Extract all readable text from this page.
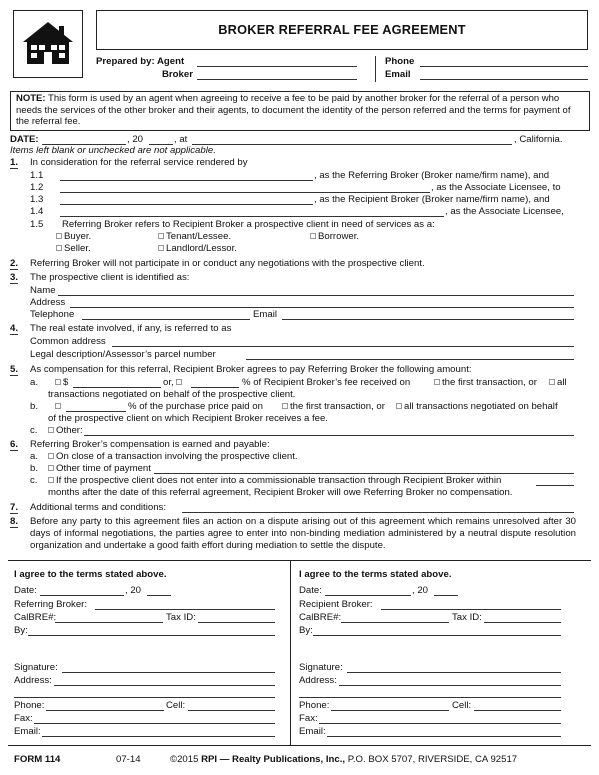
BROKER REFERRAL FEE AGREEMENT
Prepared by: Agent
Broker
Phone
Email
NOTE: This form is used by an agent when agreeing to receive a fee to be paid by another broker for the referral of a person who needs the services of the other broker and their agents, to document the identity of the person referred and the terms for payment of the referral fee.
DATE:	, 20	, at	, California.
Items left blank or unchecked are not applicable.
1. In consideration for the referral service rendered by
1.1	, as the Referring Broker (Broker name/firm name), and
1.2	, as the Associate Licensee, to
1.3	, as the Recipient Broker (Broker name/firm name), and
1.4	, as the Associate Licensee,
1.5 Referring Broker refers to Recipient Broker a prospective client in need of services as a:
Buyer.	Tenant/Lessee.	Borrower.
Seller.	Landlord/Lessor.
2. Referring Broker will not participate in or conduct any negotiations with the prospective client.
3. The prospective client is identified as:
Name
Address
Telephone	Email
4. The real estate involved, if any, is referred to as
Common address
Legal description/Assessor’s parcel number
5. As compensation for this referral, Recipient Broker agrees to pay Referring Broker the following amount:
a.	$	or,	% of Recipient Broker’s fee received on	the first transaction, or	all
transactions negotiated on behalf of the prospective client.
b.	% of the purchase price paid on	the first transaction, or	all transactions negotiated on behalf
of the prospective client on which Recipient Broker receives a fee.
c.	Other:
6. Referring Broker’s compensation is earned and payable:
a.	On close of a transaction involving the prospective client.
b.	Other time of payment
c.	If the prospective client does not enter into a commissionable transaction through Recipient Broker within
months after the date of this referral agreement, Recipient Broker will owe Referring Broker no compensation.
7. Additional terms and conditions:
8. Before any party to this agreement files an action on a dispute arising out of this agreement which remains unresolved after 30 days of informal negotiations, the parties agree to enter into non-binding mediation administered by a neutral dispute resolution organization and undertake a good faith effort during mediation to settle the dispute.
I agree to the terms stated above.
Date:	, 20
Referring Broker:
CalBRE#:	Tax ID:
By:
Signature:
Address:
Phone:	Cell:
Fax:
Email:
I agree to the terms stated above.
Date:	, 20
Recipient Broker:
CalBRE#:	Tax ID:
By:
Signature:
Address:
Phone:	Cell:
Fax:
Email:
FORM 114	07-14	©2015 RPI — Realty Publications, Inc., P.O. BOX 5707, RIVERSIDE, CA 92517
